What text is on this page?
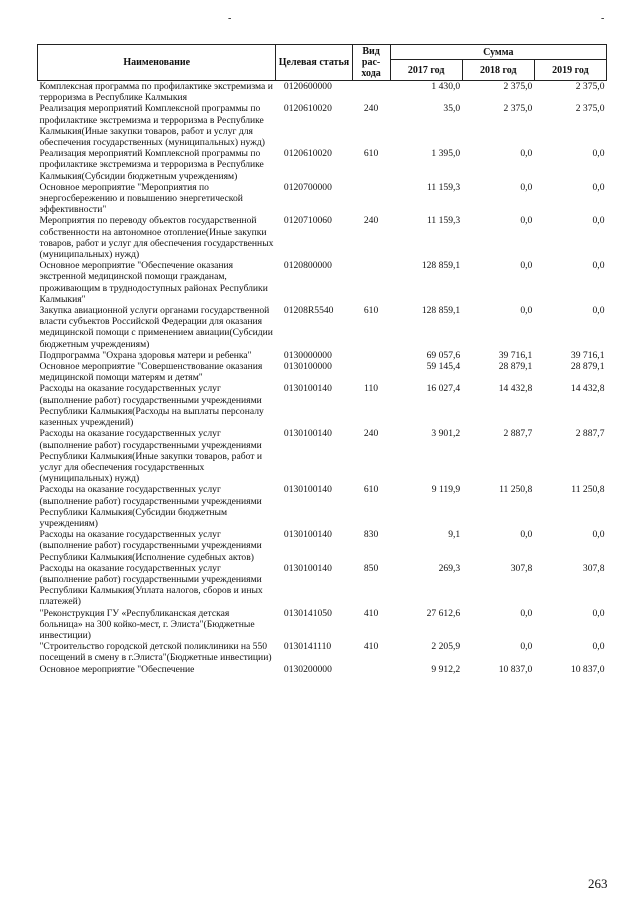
-	-
Наименование	Целевая статья	Вид рас-хода	Сумма		
			2017 год	2018 год	2019 год
Комплексная программа по профилактике экстремизма и терроризма в Республике Калмыкия	0120600000		1 430,0	2 375,0	2 375,0
Реализация мероприятий Комплексной программы по профилактике экстремизма и терроризма в Республике Калмыкия(Иные закупки товаров, работ и услуг для обеспечения государственных (муниципальных) нужд)	0120610020	240	35,0	2 375,0	2 375,0
Реализация мероприятий Комплексной программы по профилактике экстремизма и терроризма в Республике Калмыкия(Субсидии бюджетным учреждениям)	0120610020	610	1 395,0	0,0	0,0
Основное мероприятие "Мероприятия по энергосбережению и повышению энергетической эффективности"	0120700000		11 159,3	0,0	0,0
Мероприятия по переводу объектов государственной собственности на автономное отопление(Иные закупки товаров, работ и услуг для обеспечения государственных (муниципальных) нужд)	0120710060	240	11 159,3	0,0	0,0
Основное мероприятие "Обеспечение оказания экстренной медицинской помощи гражданам, проживающим в труднодоступных районах Республики Калмыкия"	0120800000		128 859,1	0,0	0,0
Закупка авиационной услуги органами государственной власти субъектов Российской Федерации для оказания медицинской помощи с применением авиации(Субсидии бюджетным учреждениям)	01208R5540	610	128 859,1	0,0	0,0
Подпрограмма "Охрана здоровья матери и ребенка"	0130000000		69 057,6	39 716,1	39 716,1
Основное мероприятие "Совершенствование оказания медицинской помощи матерям и детям"	0130100000		59 145,4	28 879,1	28 879,1
Расходы на оказание государственных услуг (выполнение работ) государственными учреждениями Республики Калмыкия(Расходы на выплаты персоналу казенных учреждений)	0130100140	110	16 027,4	14 432,8	14 432,8
Расходы на оказание государственных услуг (выполнение работ) государственными учреждениями Республики Калмыкия(Иные закупки товаров, работ и услуг для обеспечения государственных (муниципальных) нужд)	0130100140	240	3 901,2	2 887,7	2 887,7
Расходы на оказание государственных услуг (выполнение работ) государственными учреждениями Республики Калмыкия(Субсидии бюджетным учреждениям)	0130100140	610	9 119,9	11 250,8	11 250,8
Расходы на оказание государственных услуг (выполнение работ) государственными учреждениями Республики Калмыкия(Исполнение судебных актов)	0130100140	830	9,1	0,0	0,0
Расходы на оказание государственных услуг (выполнение работ) государственными учреждениями Республики Калмыкия(Уплата налогов, сборов и иных платежей)	0130100140	850	269,3	307,8	307,8
"Реконструкция ГУ «Республиканская детская больница» на 300 койко-мест, г. Элиста"(Бюджетные инвестиции)	0130141050	410	27 612,6	0,0	0,0
"Строительство городской детской поликлиники на 550 посещений в смену в г.Элиста"(Бюджетные инвестиции)	0130141110	410	2 205,9	0,0	0,0
Основное мероприятие "Обеспечение	0130200000		9 912,2	10 837,0	10 837,0
263
